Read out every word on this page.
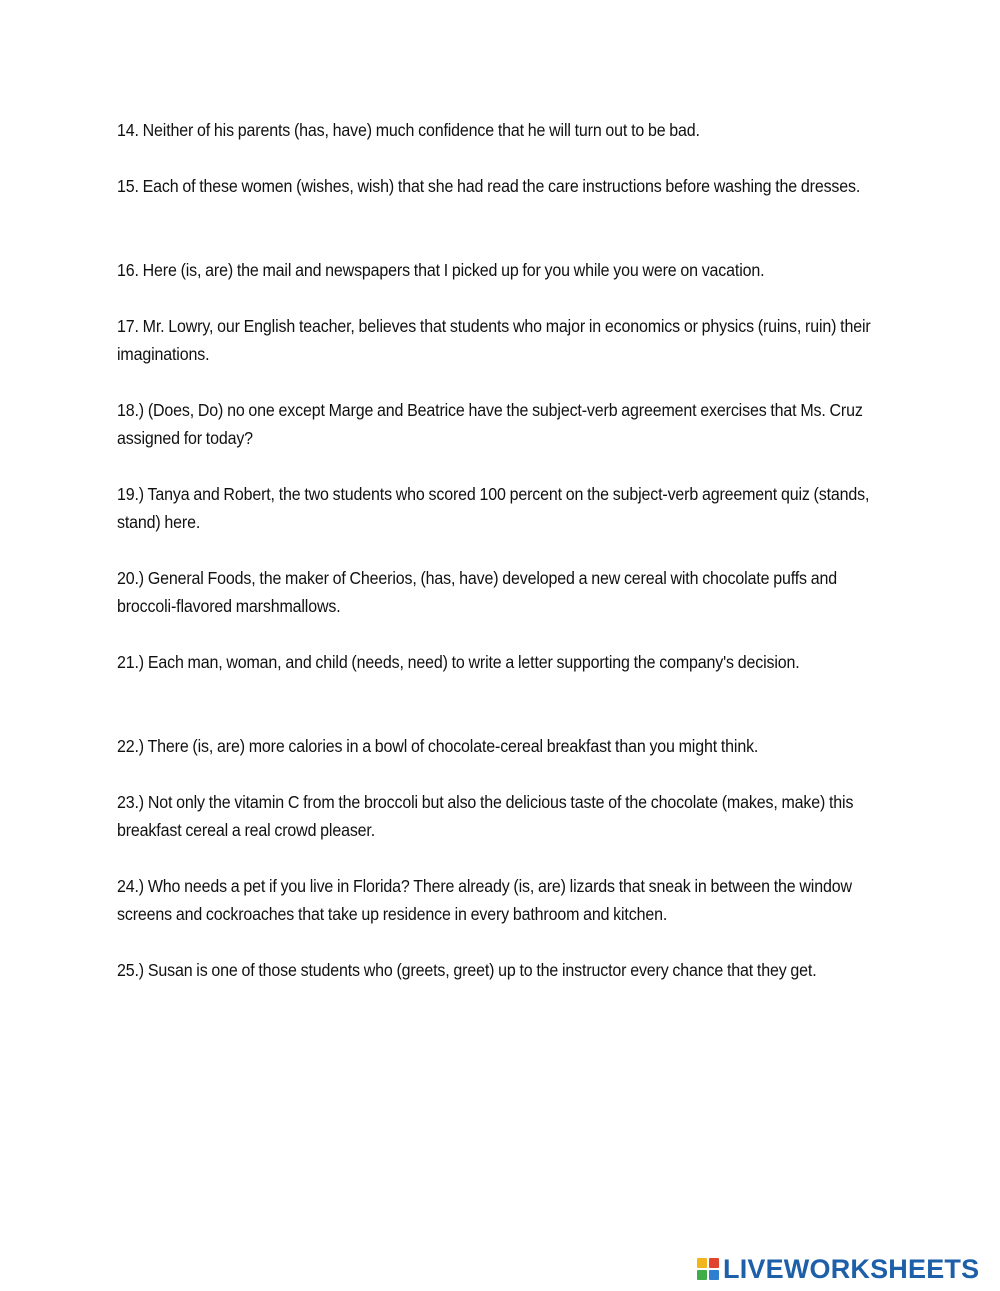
14. Neither of his parents (has, have) much confidence that he will turn out to be bad.

15. Each of these women (wishes, wish) that she had read the care instructions before washing the dresses.

16. Here (is, are) the mail and newspapers that I picked up for you while you were on vacation.

17. Mr. Lowry, our English teacher, believes that students who major in economics or physics (ruins, ruin) their imaginations.

18.) (Does, Do) no one except Marge and Beatrice have the subject-verb agreement exercises that Ms. Cruz assigned for today?

19.) Tanya and Robert, the two students who scored 100 percent on the subject-verb agreement quiz (stands, stand) here.

20.) General Foods, the maker of Cheerios, (has, have) developed a new cereal with chocolate puffs and broccoli-flavored marshmallows.

21.) Each man, woman, and child (needs, need) to write a letter supporting the company's decision.

22.) There (is, are) more calories in a bowl of chocolate-cereal breakfast than you might think.

23.) Not only the vitamin C from the broccoli but also the delicious taste of the chocolate (makes, make) this breakfast cereal a real crowd pleaser.

24.) Who needs a pet if you live in Florida? There already (is, are) lizards that sneak in between the window screens and cockroaches that take up residence in every bathroom and kitchen.

25.) Susan is one of those students who (greets, greet) up to the instructor every chance that they get.

LIVEWORKSHEETS
